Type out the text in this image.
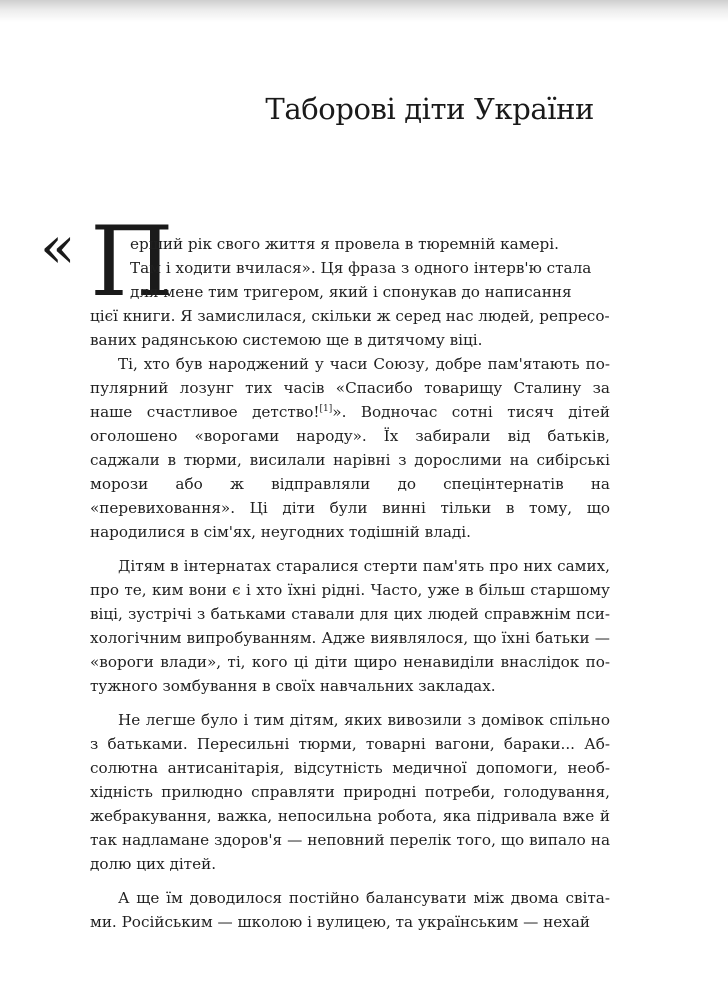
Таборові діти України
« П
ерший рік свого життя я провела в тюремній камері.
Там і ходити вчилася». Ця фраза з одного інтерв'ю стала
для мене тим тригером, який і спонукав до написання
цієї книги. Я замислилася, скільки ж серед нас людей, репресо-
ваних радянською системою ще в дитячому віці.

Ті, хто був народжений у часи Союзу, добре пам'ятають популярний лозунг тих часів «Спасибо товарищу Сталину за наше счастливое детство![1]». Водночас сотні тисяч дітей оголошено «ворогами народу». Їх забирали від батьків, саджали в тюрми, висилали нарівні з дорослими на сибірські морози або ж відправляли до спецінтернатів на «перевиховання». Ці діти були винні тільки в тому, що народилися в сім'ях, неугодних тодішній владі.

Дітям в інтернатах старалися стерти пам'ять про них самих, про те, ким вони є і хто їхні рідні. Часто, уже в більш старшому віці, зустрічі з батьками ставали для цих людей справжнім психологічним випробуванням. Адже виявлялося, що їхні батьки — «вороги влади», ті, кого ці діти щиро ненавиділи внаслідок потужного зомбування в своїх навчальних закладах.

Не легше було і тим дітям, яких вивозили з домівок спільно з батьками. Пересильні тюрми, товарні вагони, бараки... Абсолютна антисанітарія, відсутність медичної допомоги, необхідність прилюдно справляти природні потреби, голодування, жебракування, важка, непосильна робота, яка підривала вже й так надламане здоров'я — неповний перелік того, що випало на долю цих дітей.

А ще їм доводилося постійно балансувати між двома світами. Російським — школою і вулицею, та українським — нехай
